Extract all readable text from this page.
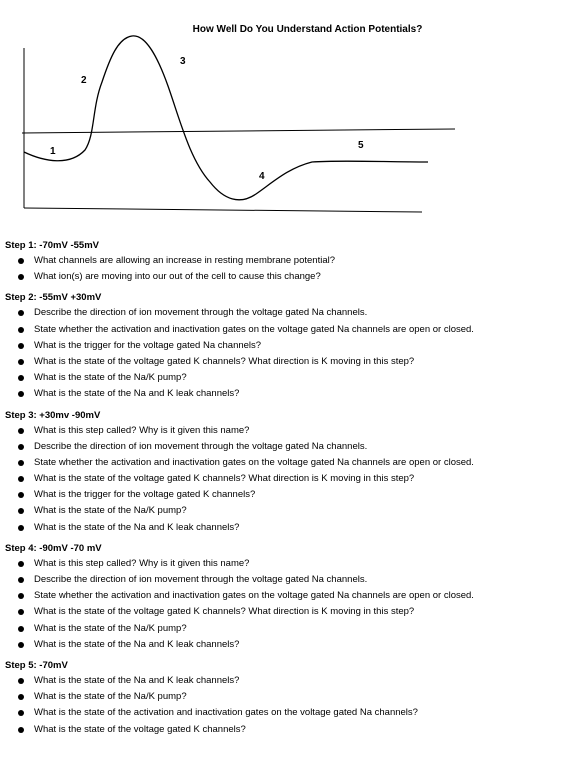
How Well Do You Understand Action Potentials?
1
2
3
4
5
Step 1: -70mV -55mV
What channels are allowing an increase in resting membrane potential?
What ion(s) are moving into our out of the cell to cause this change?
Step 2: -55mV +30mV
Describe the direction of ion movement through the voltage gated Na channels.
State whether the activation and inactivation gates on the voltage gated Na channels are open or closed.
What is the trigger for the voltage gated Na channels?
What is the state of the voltage gated K channels? What direction is K moving in this step?
What is the state of the Na/K pump?
What is the state of the Na and K leak channels?
Step 3: +30mv -90mV
What is this step called? Why is it given this name?
Describe the direction of ion movement through the voltage gated Na channels.
State whether the activation and inactivation gates on the voltage gated Na channels are open or closed.
What is the state of the voltage gated K channels? What direction is K moving in this step?
What is the trigger for the voltage gated K channels?
What is the state of the Na/K pump?
What is the state of the Na and K leak channels?
Step 4: -90mV -70 mV
What is this step called? Why is it given this name?
Describe the direction of ion movement through the voltage gated Na channels.
State whether the activation and inactivation gates on the voltage gated Na channels are open or closed.
What is the state of the voltage gated K channels? What direction is K moving in this step?
What is the state of the Na/K pump?
What is the state of the Na and K leak channels?
Step 5: -70mV
What is the state of the Na and K leak channels?
What is the state of the Na/K pump?
What is the state of the activation and inactivation gates on the voltage gated Na channels?
What is the state of the voltage gated K channels?
